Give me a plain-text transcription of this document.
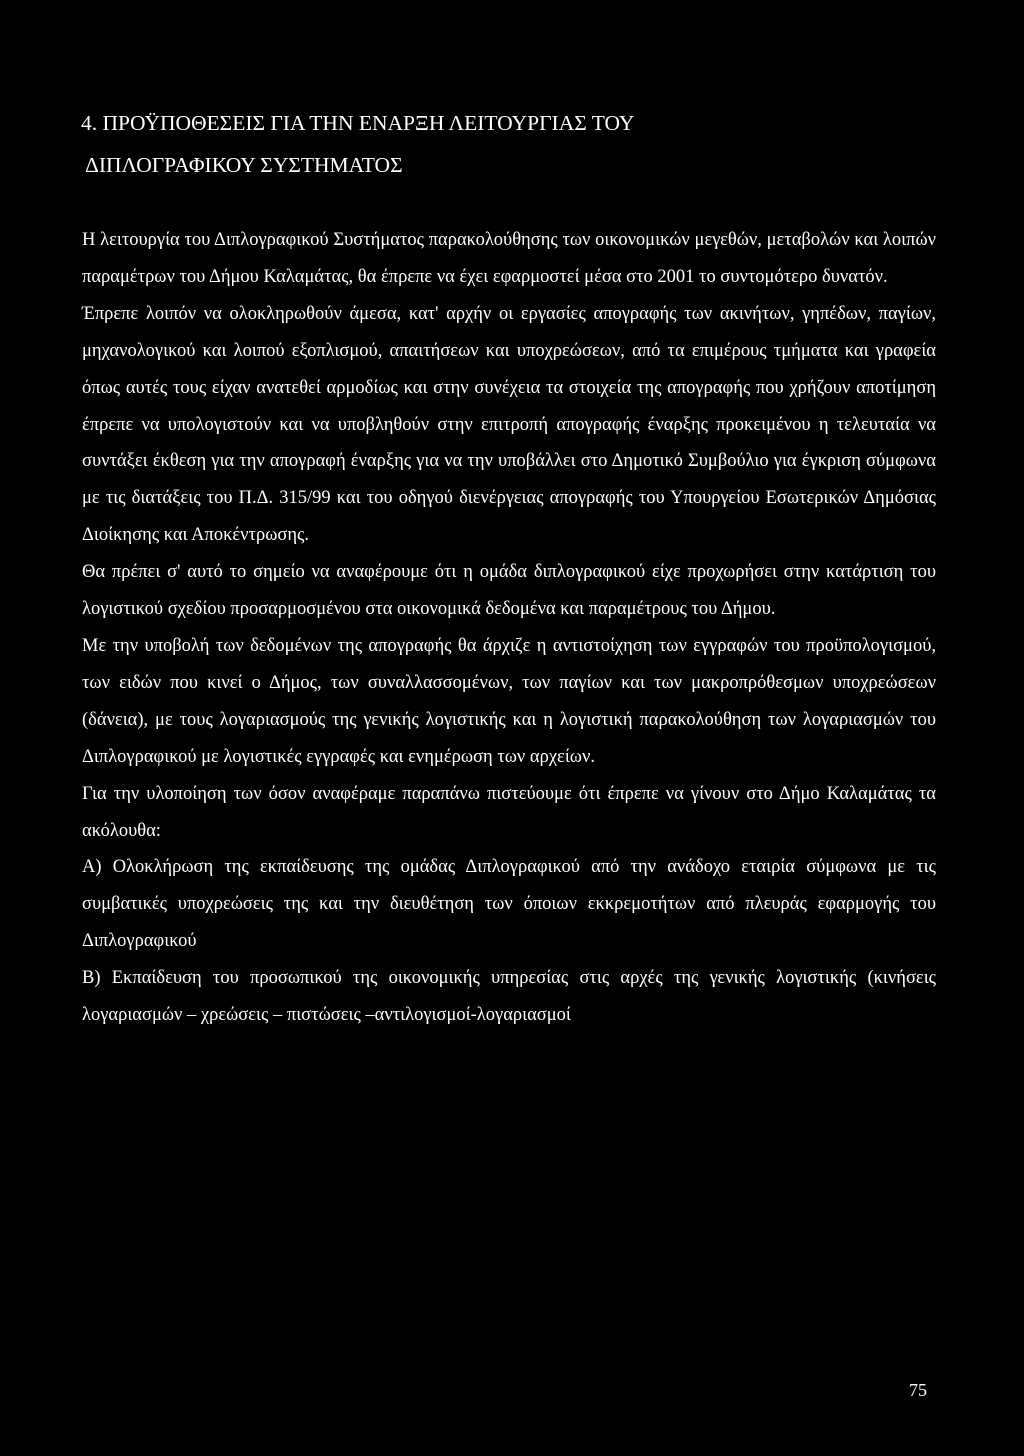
4. ΠΡΟΫΠΟΘΕΣΕΙΣ ΓΙΑ ΤΗΝ ΕΝΑΡΞΗ ΛΕΙΤΟΥΡΓΙΑΣ ΤΟΥ
ΔΙΠΛΟΓΡΑΦΙΚΟΥ ΣΥΣΤΗΜΑΤΟΣ

Η λειτουργία του Διπλογραφικού Συστήματος παρακολούθησης των οικονομικών μεγεθών, μεταβολών και λοιπών παραμέτρων του Δήμου Καλαμάτας, θα έπρεπε να έχει εφαρμοστεί μέσα στο 2001 το συντομότερο δυνατόν.

Έπρεπε λοιπόν να ολοκληρωθούν άμεσα, κατ' αρχήν οι εργασίες απογραφής των ακινήτων, γηπέδων, παγίων, μηχανολογικού και λοιπού εξοπλισμού, απαιτήσεων και υποχρεώσεων, από τα επιμέρους τμήματα και γραφεία όπως αυτές τους είχαν ανατεθεί αρμοδίως και στην συνέχεια τα στοιχεία της απογραφής που χρήζουν αποτίμηση έπρεπε να υπολογιστούν και να υποβληθούν στην επιτροπή απογραφής έναρξης προκειμένου η τελευταία να συντάξει έκθεση για την απογραφή έναρξης για να την υποβάλλει στο Δημοτικό Συμβούλιο για έγκριση σύμφωνα με τις διατάξεις του Π.Δ. 315/99 και του οδηγού διενέργειας απογραφής του Υπουργείου Εσωτερικών Δημόσιας Διοίκησης και Αποκέντρωσης.

Θα πρέπει σ' αυτό το σημείο να αναφέρουμε ότι η ομάδα διπλογραφικού είχε προχωρήσει στην κατάρτιση του λογιστικού σχεδίου προσαρμοσμένου στα οικονομικά δεδομένα και παραμέτρους του Δήμου.

Με την υποβολή των δεδομένων της απογραφής θα άρχιζε η αντιστοίχηση των εγγραφών του προϋπολογισμού, των ειδών που κινεί ο Δήμος, των συναλλασσομένων, των παγίων και των μακροπρόθεσμων υποχρεώσεων (δάνεια), με τους λογαριασμούς της γενικής λογιστικής και η λογιστική παρακολούθηση των λογαριασμών του Διπλογραφικού με λογιστικές εγγραφές και ενημέρωση των αρχείων.

Για την υλοποίηση των όσον αναφέραμε παραπάνω πιστεύουμε ότι έπρεπε να γίνουν στο Δήμο Καλαμάτας τα ακόλουθα:

Α) Ολοκλήρωση της εκπαίδευσης της ομάδας Διπλογραφικού από την ανάδοχο εταιρία σύμφωνα με τις συμβατικές υποχρεώσεις της και την διευθέτηση των όποιων εκκρεμοτήτων από πλευράς εφαρμογής του Διπλογραφικού

Β) Εκπαίδευση του προσωπικού της οικονομικής υπηρεσίας στις αρχές της γενικής λογιστικής (κινήσεις λογαριασμών – χρεώσεις – πιστώσεις –αντιλογισμοί-λογαριασμοί

75
